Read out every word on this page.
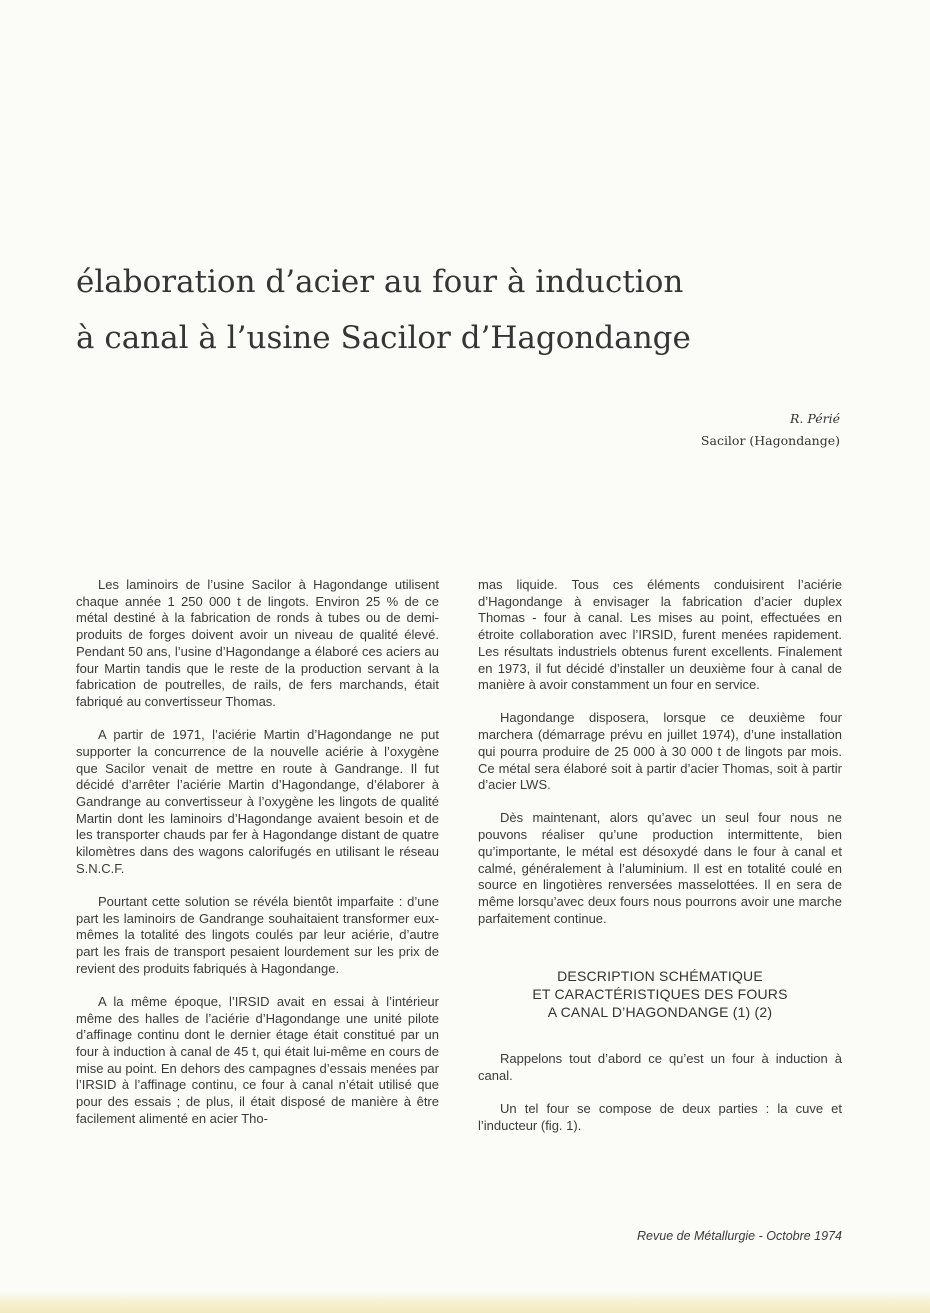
élaboration d’acier au four à induction
à canal à l’usine Sacilor d’Hagondange
R. Périé
Sacilor (Hagondange)

Les laminoirs de l’usine Sacilor à Hagondange utilisent chaque année 1 250 000 t de lingots. Environ 25 % de ce métal destiné à la fabrication de ronds à tubes ou de demi-produits de forges doivent avoir un niveau de qualité élevé. Pendant 50 ans, l’usine d’Hagondange a élaboré ces aciers au four Martin tandis que le reste de la production servant à la fabrication de poutrelles, de rails, de fers marchands, était fabriqué au convertisseur Thomas.

A partir de 1971, l’aciérie Martin d’Hagondange ne put supporter la concurrence de la nouvelle aciérie à l’oxygène que Sacilor venait de mettre en route à Gandrange. Il fut décidé d’arrêter l’aciérie Martin d’Hagondange, d’élaborer à Gandrange au convertisseur à l’oxygène les lingots de qualité Martin dont les laminoirs d’Hagondange avaient besoin et de les transporter chauds par fer à Hagondange distant de quatre kilomètres dans des wagons calorifugés en utilisant le réseau S.N.C.F.

Pourtant cette solution se révéla bientôt imparfaite : d’une part les laminoirs de Gandrange souhaitaient transformer eux-mêmes la totalité des lingots coulés par leur aciérie, d’autre part les frais de transport pesaient lourdement sur les prix de revient des produits fabriqués à Hagondange.

A la même époque, l’IRSID avait en essai à l’intérieur même des halles de l’aciérie d’Hagondange une unité pilote d’affinage continu dont le dernier étage était constitué par un four à induction à canal de 45 t, qui était lui-même en cours de mise au point. En dehors des campagnes d’essais menées par l’IRSID à l’affinage continu, ce four à canal n’était utilisé que pour des essais ; de plus, il était disposé de manière à être facilement alimenté en acier Tho-

mas liquide. Tous ces éléments conduisirent l’aciérie d’Hagondange à envisager la fabrication d’acier duplex Thomas - four à canal. Les mises au point, effectuées en étroite collaboration avec l’IRSID, furent menées rapidement. Les résultats industriels obtenus furent excellents. Finalement en 1973, il fut décidé d’installer un deuxième four à canal de manière à avoir constamment un four en service.

Hagondange disposera, lorsque ce deuxième four marchera (démarrage prévu en juillet 1974), d’une installation qui pourra produire de 25 000 à 30 000 t de lingots par mois. Ce métal sera élaboré soit à partir d’acier Thomas, soit à partir d’acier LWS.

Dès maintenant, alors qu’avec un seul four nous ne pouvons réaliser qu’une production intermittente, bien qu’importante, le métal est désoxydé dans le four à canal et calmé, généralement à l’aluminium. Il est en totalité coulé en source en lingotières renversées masselottées. Il en sera de même lorsqu’avec deux fours nous pourrons avoir une marche parfaitement continue.

DESCRIPTION SCHÉMATIQUE
ET CARACTÉRISTIQUES DES FOURS
A CANAL D’HAGONDANGE (1) (2)

Rappelons tout d’abord ce qu’est un four à induction à canal.

Un tel four se compose de deux parties : la cuve et l’inducteur (fig. 1).

Revue de Métallurgie - Octobre 1974
